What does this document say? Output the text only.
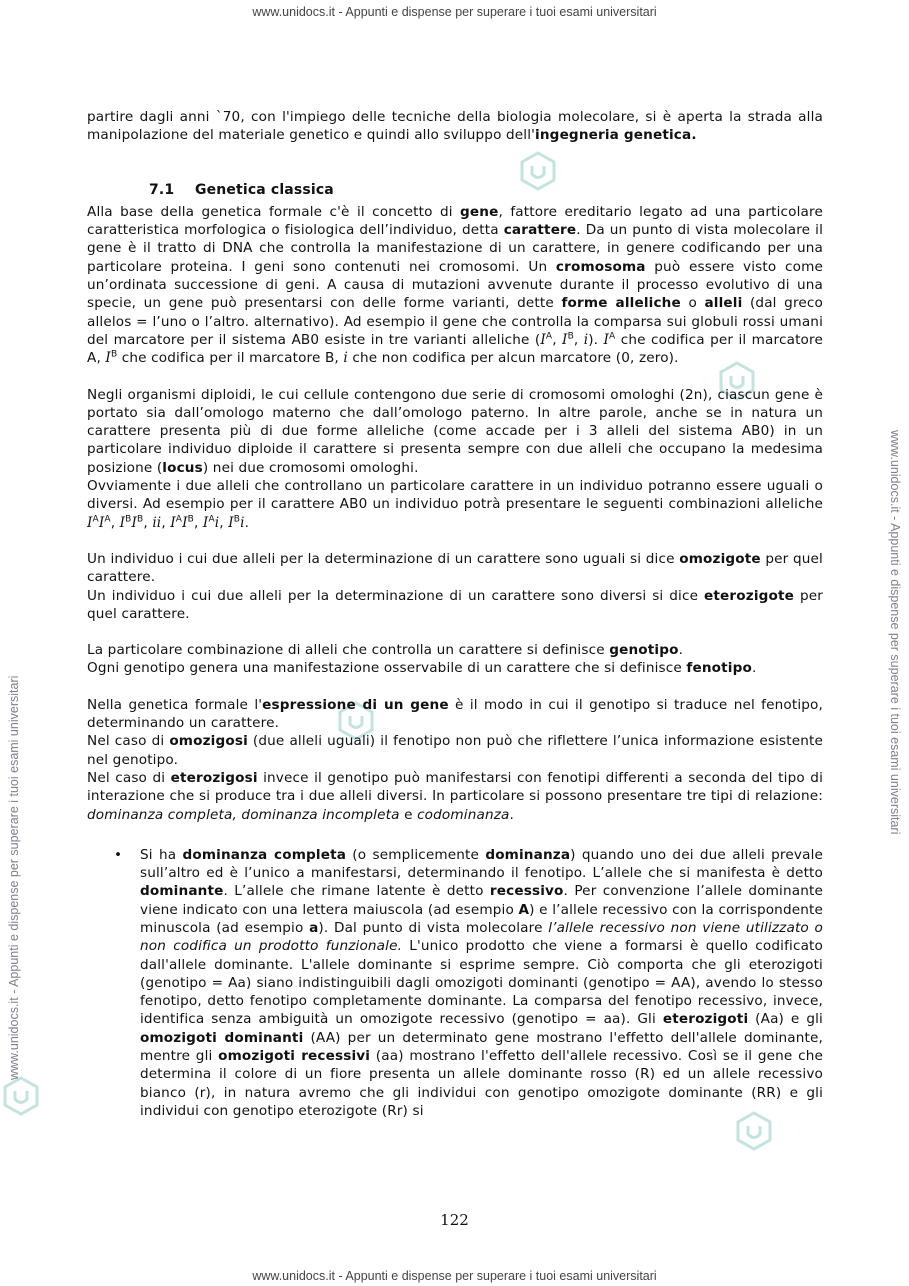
www.unidocs.it - Appunti e dispense per superare i tuoi esami universitari
www.unidocs.it - Appunti e dispense per superare i tuoi esami universitari
www.unidocs.it - Appunti e dispense per superare i tuoi esami universitari
www.unidocs.it - Appunti e dispense per superare i tuoi esami universitari

partire dagli anni `70, con l'impiego delle tecniche della biologia molecolare, si è aperta la strada alla manipolazione del materiale genetico e quindi allo sviluppo dell'ingegneria genetica.

7.1 Genetica classica

Alla base della genetica formale c'è il concetto di gene, fattore ereditario legato ad una particolare caratteristica morfologica o fisiologica dell’individuo, detta carattere. Da un punto di vista molecolare il gene è il tratto di DNA che controlla la manifestazione di un carattere, in genere codificando per una particolare proteina. I geni sono contenuti nei cromosomi. Un cromosoma può essere visto come un’ordinata successione di geni. A causa di mutazioni avvenute durante il processo evolutivo di una specie, un gene può presentarsi con delle forme varianti, dette forme alleliche o alleli (dal greco allelos = l’uno o l’altro. alternativo). Ad esempio il gene che controlla la comparsa sui globuli rossi umani del marcatore per il sistema AB0 esiste in tre varianti alleliche ($I^A$, $I^B$, i). $I^A$ che codifica per il marcatore A, $I^B$ che codifica per il marcatore B, i che non codifica per alcun marcatore (0, zero).

Negli organismi diploidi, le cui cellule contengono due serie di cromosomi omologhi (2n), ciascun gene è portato sia dall’omologo materno che dall’omologo paterno. In altre parole, anche se in natura un carattere presenta più di due forme alleliche (come accade per i 3 alleli del sistema AB0) in un particolare individuo diploide il carattere si presenta sempre con due alleli che occupano la medesima posizione (locus) nei due cromosomi omologhi.

Ovviamente i due alleli che controllano un particolare carattere in un individuo potranno essere uguali o diversi. Ad esempio per il carattere AB0 un individuo potrà presentare le seguenti combinazioni alleliche $I^AI^A$, $I^BI^B$, ii, $I^AI^B$, $I^Ai$, $I^Bi$.

Un individuo i cui due alleli per la determinazione di un carattere sono uguali si dice omozigote per quel carattere.

Un individuo i cui due alleli per la determinazione di un carattere sono diversi si dice eterozigote per quel carattere.

La particolare combinazione di alleli che controlla un carattere si definisce genotipo.

Ogni genotipo genera una manifestazione osservabile di un carattere che si definisce fenotipo.

Nella genetica formale l'espressione di un gene è il modo in cui il genotipo si traduce nel fenotipo, determinando un carattere.

Nel caso di omozigosi (due alleli uguali) il fenotipo non può che riflettere l’unica informazione esistente nel genotipo.

Nel caso di eterozigosi invece il genotipo può manifestarsi con fenotipi differenti a seconda del tipo di interazione che si produce tra i due alleli diversi. In particolare si possono presentare tre tipi di relazione: dominanza completa, dominanza incompleta e codominanza.

• Si ha dominanza completa (o semplicemente dominanza) quando uno dei due alleli prevale sull’altro ed è l’unico a manifestarsi, determinando il fenotipo. L’allele che si manifesta è detto dominante. L’allele che rimane latente è detto recessivo. Per convenzione l’allele dominante viene indicato con una lettera maiuscola (ad esempio A) e l’allele recessivo con la corrispondente minuscola (ad esempio a). Dal punto di vista molecolare l’allele recessivo non viene utilizzato o non codifica un prodotto funzionale. L'unico prodotto che viene a formarsi è quello codificato dall'allele dominante. L'allele dominante si esprime sempre. Ciò comporta che gli eterozigoti (genotipo = Aa) siano indistinguibili dagli omozigoti dominanti (genotipo = AA), avendo lo stesso fenotipo, detto fenotipo completamente dominante. La comparsa del fenotipo recessivo, invece, identifica senza ambiguità un omozigote recessivo (genotipo = aa). Gli eterozigoti (Aa) e gli omozigoti dominanti (AA) per un determinato gene mostrano l'effetto dell'allele dominante, mentre gli omozigoti recessivi (aa) mostrano l'effetto dell'allele recessivo. Così se il gene che determina il colore di un fiore presenta un allele dominante rosso (R) ed un allele recessivo bianco (r), in natura avremo che gli individui con genotipo omozigote dominante (RR) e gli individui con genotipo eterozigote (Rr) si

122
